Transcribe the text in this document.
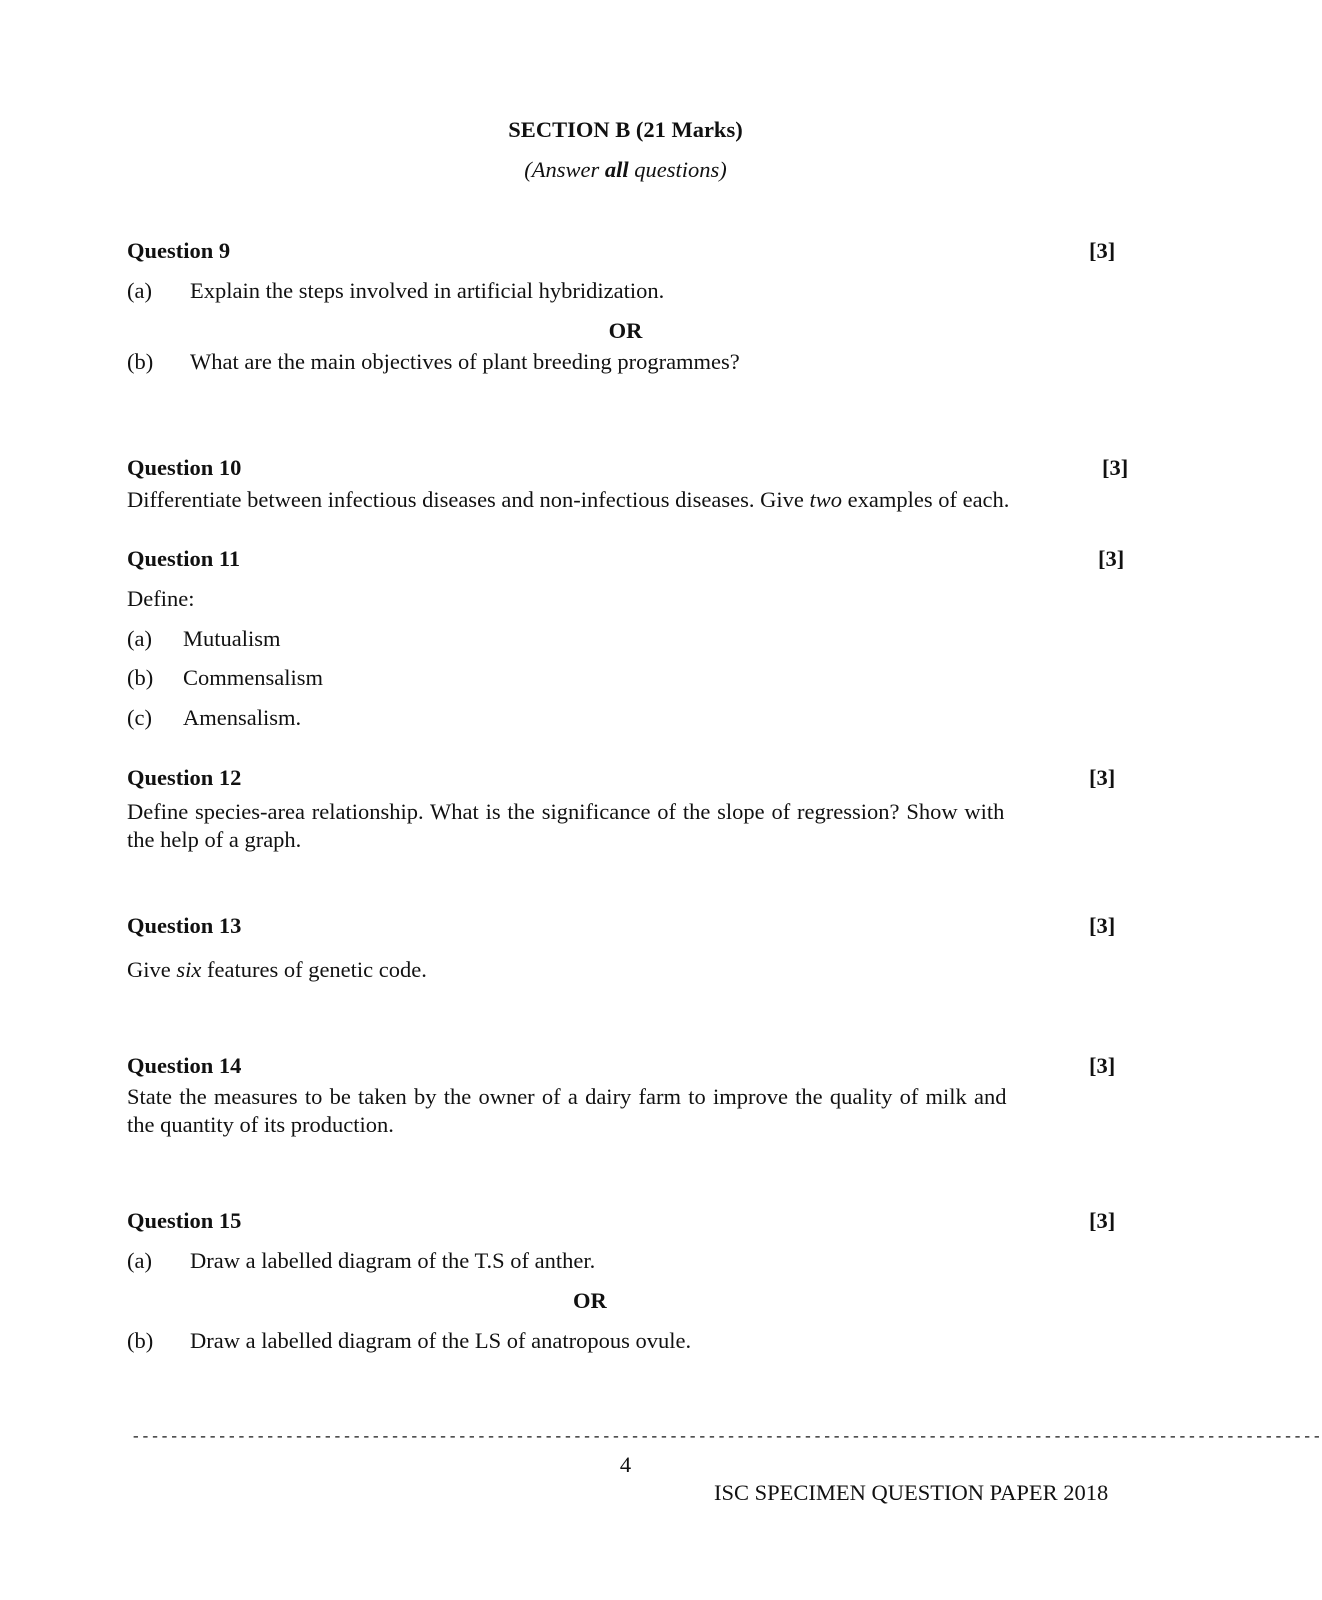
SECTION B (21 Marks)
(Answer all questions)
Question 9	[3]
(a) Explain the steps involved in artificial hybridization.
OR
(b) What are the main objectives of plant breeding programmes?
Question 10	[3]
Differentiate between infectious diseases and non-infectious diseases. Give two examples of each.
Question 11	[3]
Define:
(a) Mutualism
(b) Commensalism
(c) Amensalism.
Question 12	[3]
Define species-area relationship. What is the significance of the slope of regression? Show with
the help of a graph.
Question 13	[3]
Give six features of genetic code.
Question 14	[3]
State the measures to be taken by the owner of a dairy farm to improve the quality of milk and
the quantity of its production.
Question 15	[3]
(a) Draw a labelled diagram of the T.S of anther.
OR
(b) Draw a labelled diagram of the LS of anatropous ovule.
----------------------------------------------------------------------------------------------------------------------------
4
ISC SPECIMEN QUESTION PAPER 2018
